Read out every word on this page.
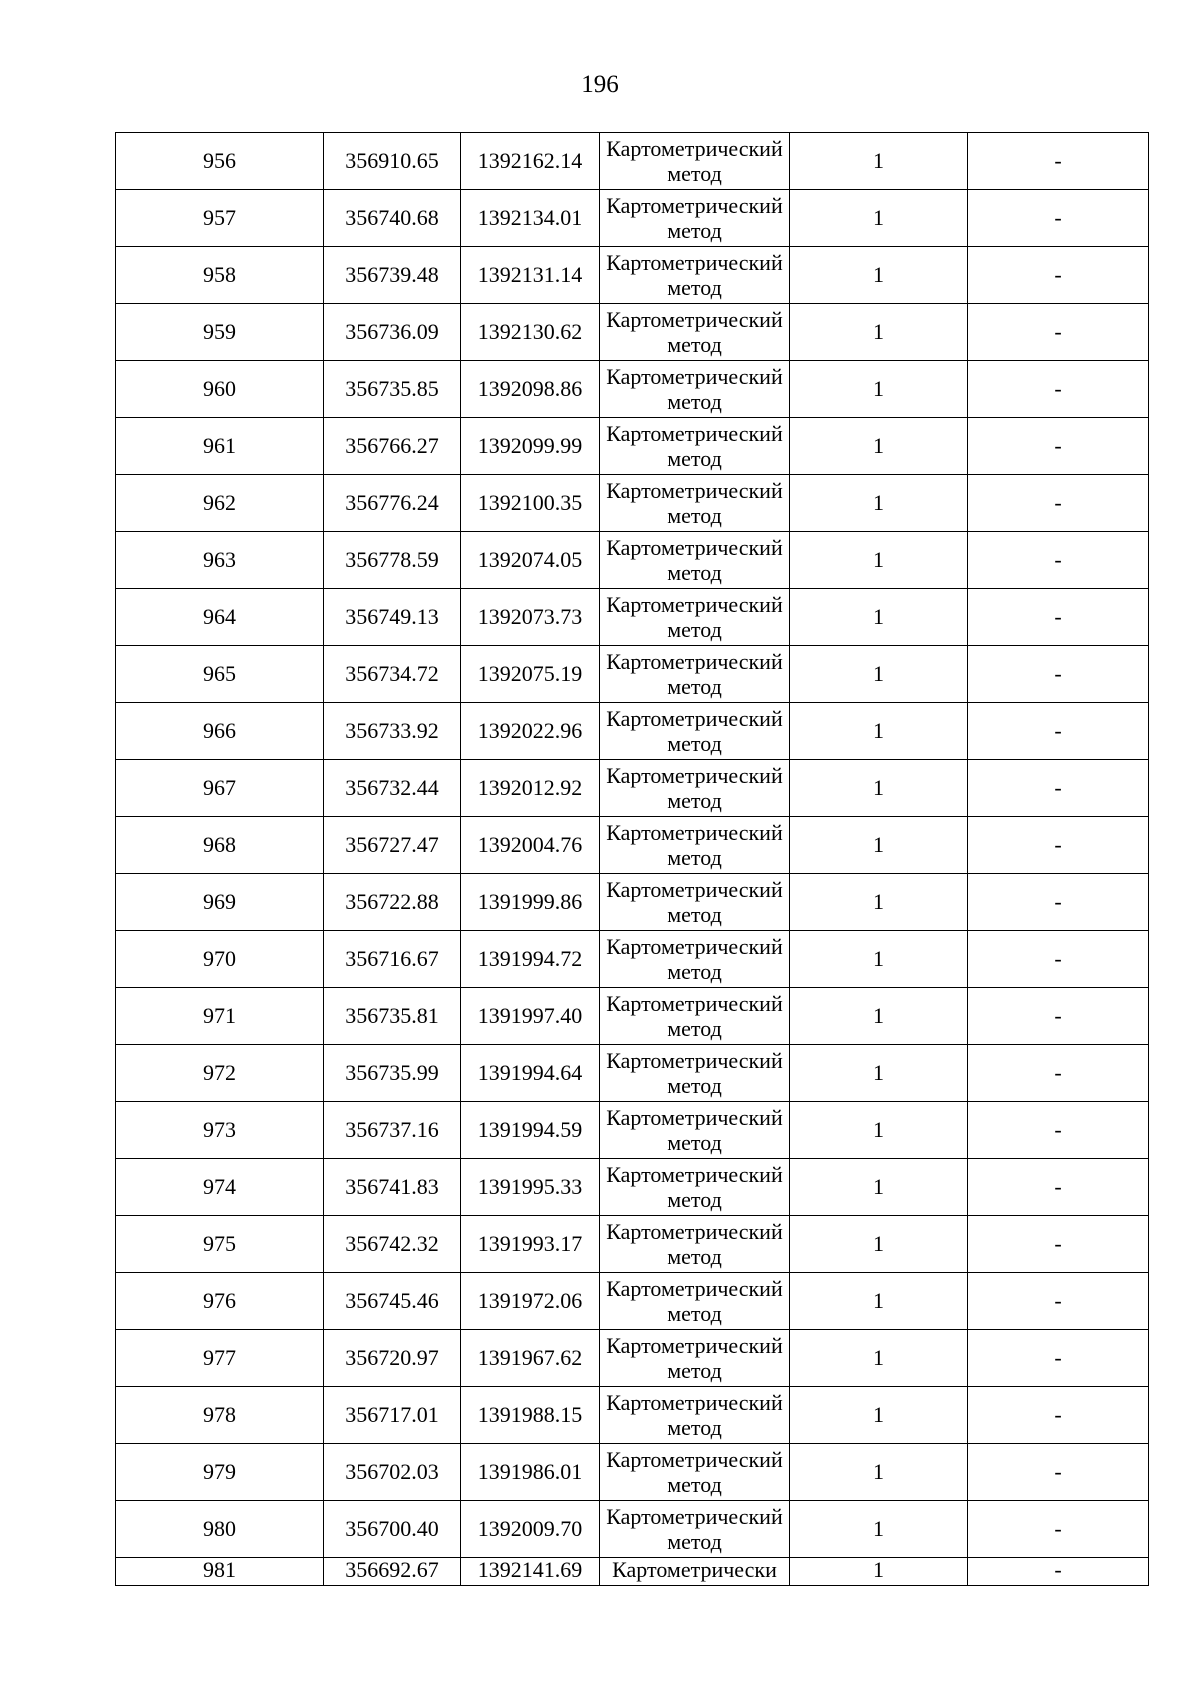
196
956	356910.65	1392162.14	Картометрический метод	1	-
957	356740.68	1392134.01	Картометрический метод	1	-
958	356739.48	1392131.14	Картометрический метод	1	-
959	356736.09	1392130.62	Картометрический метод	1	-
960	356735.85	1392098.86	Картометрический метод	1	-
961	356766.27	1392099.99	Картометрический метод	1	-
962	356776.24	1392100.35	Картометрический метод	1	-
963	356778.59	1392074.05	Картометрический метод	1	-
964	356749.13	1392073.73	Картометрический метод	1	-
965	356734.72	1392075.19	Картометрический метод	1	-
966	356733.92	1392022.96	Картометрический метод	1	-
967	356732.44	1392012.92	Картометрический метод	1	-
968	356727.47	1392004.76	Картометрический метод	1	-
969	356722.88	1391999.86	Картометрический метод	1	-
970	356716.67	1391994.72	Картометрический метод	1	-
971	356735.81	1391997.40	Картометрический метод	1	-
972	356735.99	1391994.64	Картометрический метод	1	-
973	356737.16	1391994.59	Картометрический метод	1	-
974	356741.83	1391995.33	Картометрический метод	1	-
975	356742.32	1391993.17	Картометрический метод	1	-
976	356745.46	1391972.06	Картометрический метод	1	-
977	356720.97	1391967.62	Картометрический метод	1	-
978	356717.01	1391988.15	Картометрический метод	1	-
979	356702.03	1391986.01	Картометрический метод	1	-
980	356700.40	1392009.70	Картометрический метод	1	-
981	356692.67	1392141.69	Картометрически	1	-
